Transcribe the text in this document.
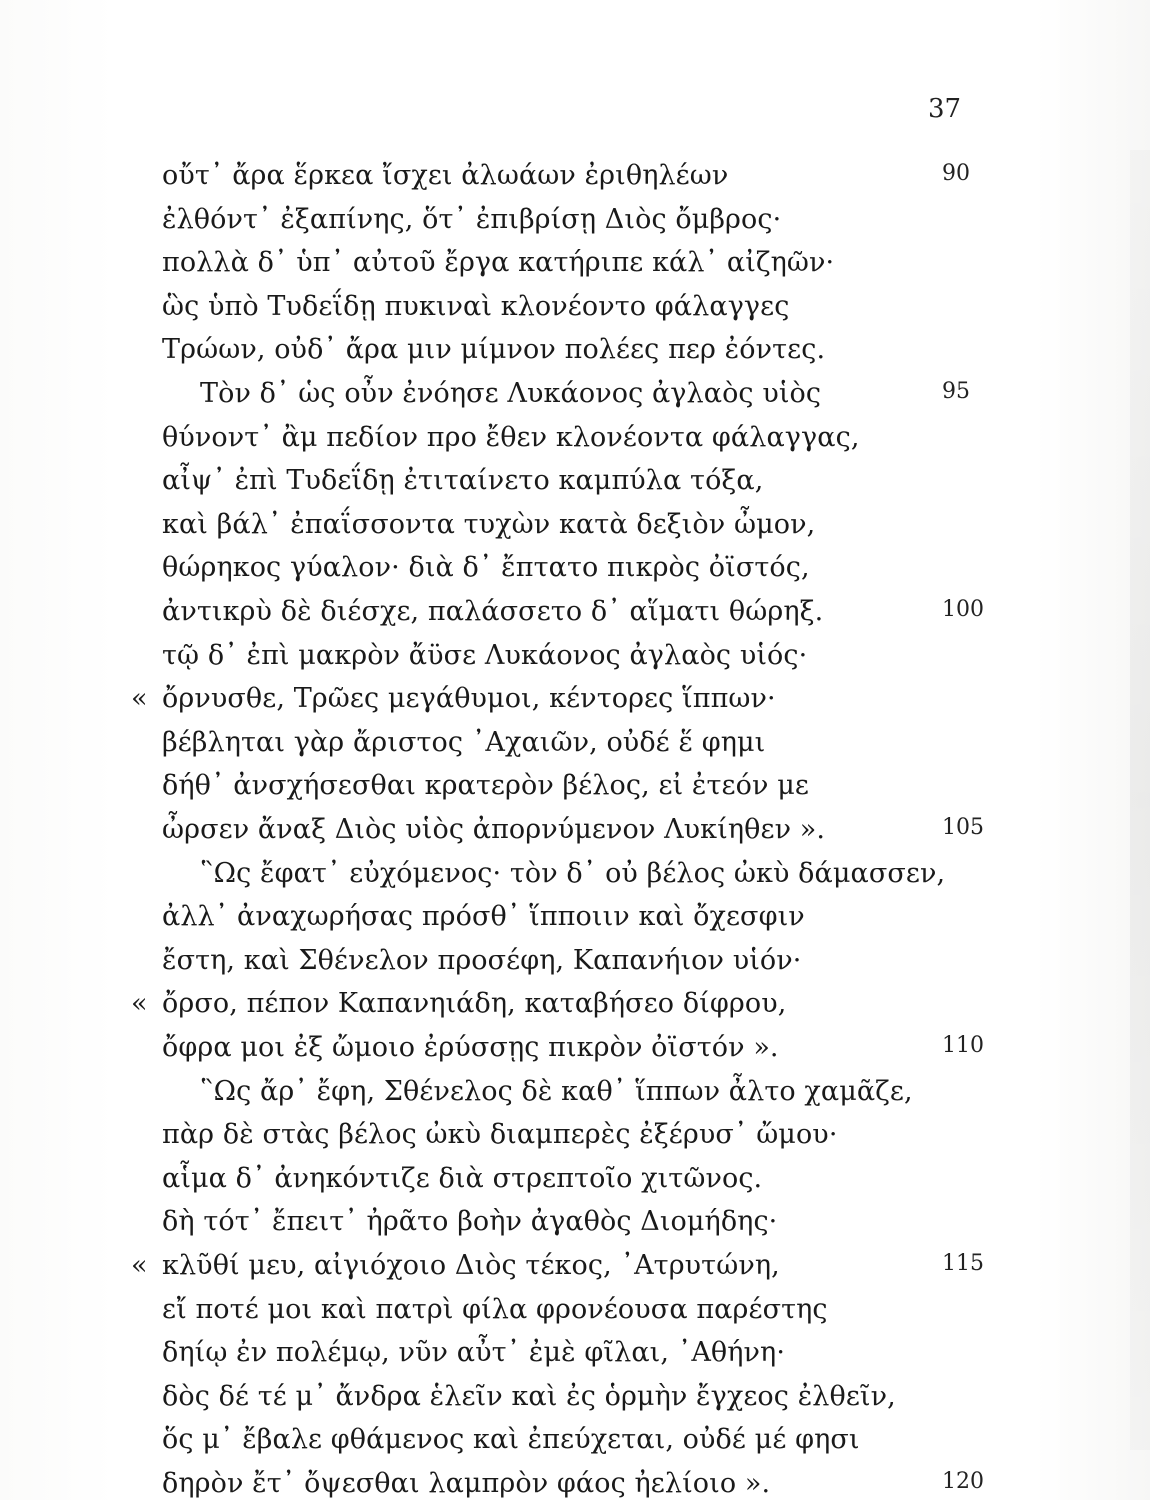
37
οὔτ᾽ ἄρα ἕρκεα ἴσχει ἀλωάων ἐριθηλέων	90
ἐλθόντ᾽ ἐξαπίνης, ὅτ᾽ ἐπιβρίσῃ Διὸς ὄμβρος·
πολλὰ δ᾽ ὑπ᾽ αὐτοῦ ἔργα κατήριπε κάλ᾽ αἰζηῶν·
ὣς ὑπὸ Τυδεΐδῃ πυκιναὶ κλονέοντο φάλαγγες
Τρώων, οὐδ᾽ ἄρα μιν μίμνον πολέες περ ἐόντες.
Τὸν δ᾽ ὡς οὖν ἐνόησε Λυκάονος ἀγλαὸς υἱὸς	95
θύνοντ᾽ ἂμ πεδίον προ ἔθεν κλονέοντα φάλαγγας,
αἶψ᾽ ἐπὶ Τυδεΐδῃ ἐτιταίνετο καμπύλα τόξα,
καὶ βάλ᾽ ἐπαΐσσοντα τυχὼν κατὰ δεξιὸν ὦμον,
θώρηκος γύαλον· διὰ δ᾽ ἔπτατο πικρὸς ὀϊστός,
ἀντικρὺ δὲ διέσχε, παλάσσετο δ᾽ αἵματι θώρηξ.	100
τῷ δ᾽ ἐπὶ μακρὸν ἄϋσε Λυκάονος ἀγλαὸς υἱός·
« ὄρνυσθε, Τρῶες μεγάθυμοι, κέντορες ἵππων·
βέβληται γὰρ ἄριστος ᾽Αχαιῶν, οὐδέ ἕ φημι
δήθ᾽ ἀνσχήσεσθαι κρατερὸν βέλος, εἰ ἐτεόν με
ὦρσεν ἄναξ Διὸς υἱὸς ἀπορνύμενον Λυκίηθεν ».	105
῝Ως ἔφατ᾽ εὐχόμενος· τὸν δ᾽ οὐ βέλος ὠκὺ δάμασσεν,
ἀλλ᾽ ἀναχωρήσας πρόσθ᾽ ἵπποιιν καὶ ὄχεσφιν
ἔστη, καὶ Σθένελον προσέφη, Καπανήιον υἱόν·
« ὄρσο, πέπον Καπανηιάδη, καταβήσεο δίφρου,
ὄφρα μοι ἐξ ὤμοιο ἐρύσσῃς πικρὸν ὀϊστόν ».	110
῝Ως ἄρ᾽ ἔφη, Σθένελος δὲ καθ᾽ ἵππων ἆλτο χαμᾶζε,
πὰρ δὲ στὰς βέλος ὠκὺ διαμπερὲς ἐξέρυσ᾽ ὤμου·
αἷμα δ᾽ ἀνηκόντιζε διὰ στρεπτοῖο χιτῶνος.
δὴ τότ᾽ ἔπειτ᾽ ἠρᾶτο βοὴν ἀγαθὸς Διομήδης·
« κλῦθί μευ, αἰγιόχοιο Διὸς τέκος, ᾽Ατρυτώνη,	115
εἴ ποτέ μοι καὶ πατρὶ φίλα φρονέουσα παρέστης
δηίῳ ἐν πολέμῳ, νῦν αὖτ᾽ ἐμὲ φῖλαι, ᾽Αθήνη·
δὸς δέ τέ μ᾽ ἄνδρα ἑλεῖν καὶ ἐς ὁρμὴν ἔγχεος ἐλθεῖν,
ὅς μ᾽ ἔβαλε φθάμενος καὶ ἐπεύχεται, οὐδέ μέ φησι
δηρὸν ἔτ᾽ ὄψεσθαι λαμπρὸν φάος ἠελίοιο ».	120
